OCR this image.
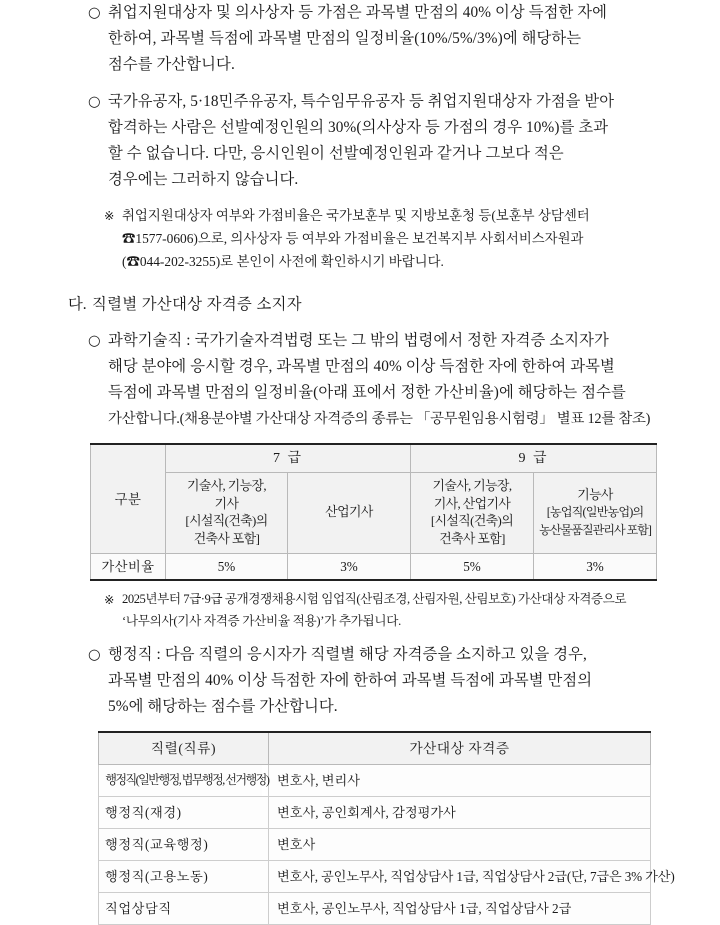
○ 취업지원대상자 및 의사상자 등 가점은 과목별 만점의 40% 이상 득점한 자에
한하여, 과목별 득점에 과목별 만점의 일정비율(10%/5%/3%)에 해당하는
점수를 가산합니다.
○ 국가유공자, 5·18민주유공자, 특수임무유공자 등 취업지원대상자 가점을 받아
합격하는 사람은 선발예정인원의 30%(의사상자 등 가점의 경우 10%)를 초과
할 수 없습니다. 다만, 응시인원이 선발예정인원과 같거나 그보다 적은
경우에는 그러하지 않습니다.
※ 취업지원대상자 여부와 가점비율은 국가보훈부 및 지방보훈청 등(보훈부 상담센터
☎1577-0606)으로, 의사상자 등 여부와 가점비율은 보건복지부 사회서비스자원과
(☎044-202-3255)로 본인이 사전에 확인하시기 바랍니다.
다. 직렬별 가산대상 자격증 소지자
○ 과학기술직 : 국가기술자격법령 또는 그 밖의 법령에서 정한 자격증 소지자가
해당 분야에 응시할 경우, 과목별 만점의 40% 이상 득점한 자에 한하여 과목별
득점에 과목별 만점의 일정비율(아래 표에서 정한 가산비율)에 해당하는 점수를
가산합니다.(채용분야별 가산대상 자격증의 종류는 「공무원임용시험령」 별표 12를 참조)
구분	7 급		9 급	

	기술사, 기능장,
기사
[시설직(건축)의
건축사 포함]	산업기사	기술사, 기능장,
기사, 산업기사
[시설직(건축)의
건축사 포함]	기능사
[농업직(일반농업)의
농산물품질관리사 포함]

가산비율	5%	3%	5%	3%
※ 2025년부터 7급·9급 공개경쟁채용시험 임업직(산림조경, 산림자원, 산림보호) 가산대상 자격증으로
‘나무의사(기사 자격증 가산비율 적용)’가 추가됩니다.
○ 행정직 : 다음 직렬의 응시자가 직렬별 해당 자격증을 소지하고 있을 경우,
과목별 만점의 40% 이상 득점한 자에 한하여 과목별 득점에 과목별 만점의
5%에 해당하는 점수를 가산합니다.
직렬(직류)	가산대상 자격증
행정직(일반행정, 법무행정, 선거행정)	변호사, 변리사
행정직(재경)	변호사, 공인회계사, 감정평가사
행정직(교육행정)	변호사
행정직(고용노동)	변호사, 공인노무사, 직업상담사 1급, 직업상담사 2급(단, 7급은 3% 가산)
직업상담직	변호사, 공인노무사, 직업상담사 1급, 직업상담사 2급
